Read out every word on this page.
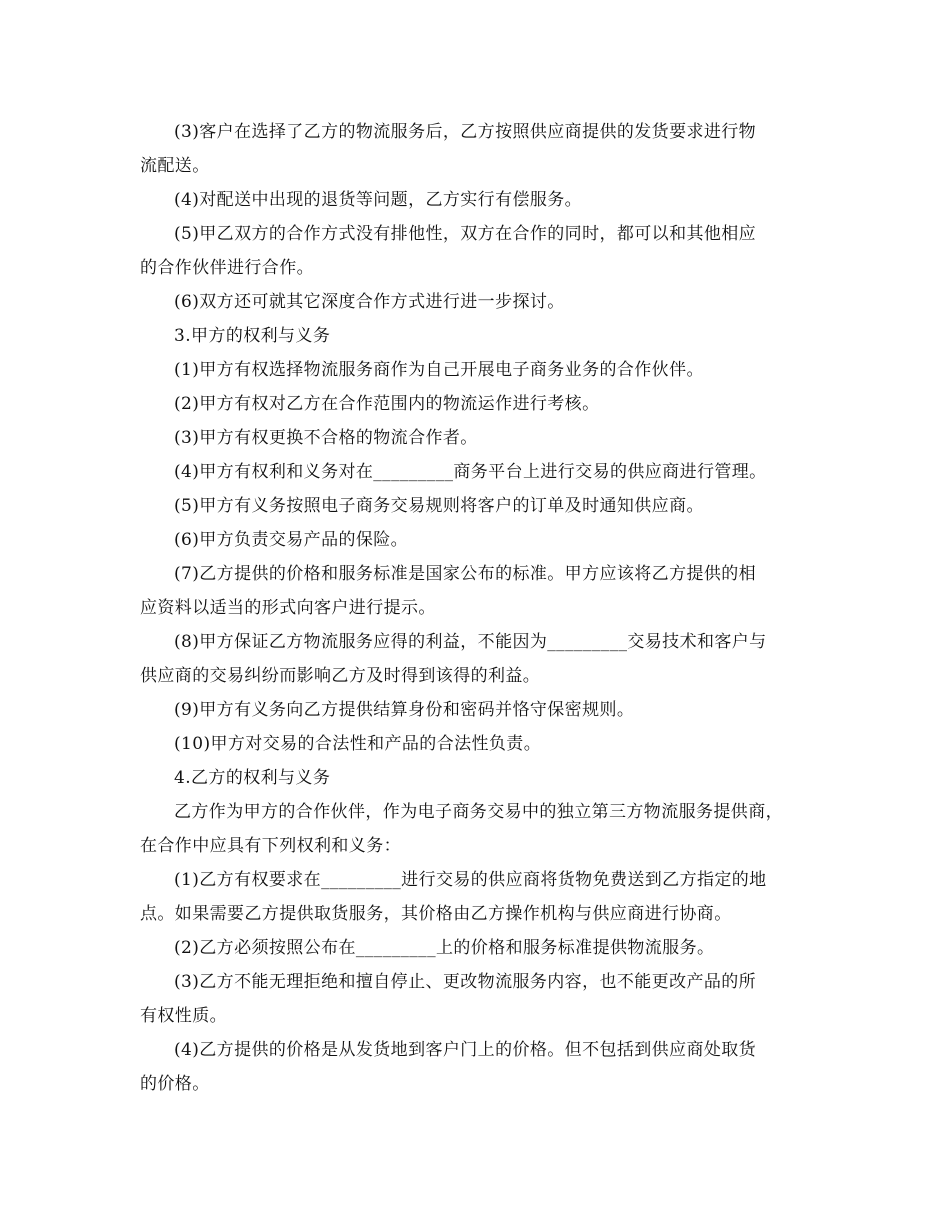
(3)客户在选择了乙方的物流服务后，乙方按照供应商提供的发货要求进行物
流配送。
(4)对配送中出现的退货等问题，乙方实行有偿服务。
(5)甲乙双方的合作方式没有排他性，双方在合作的同时，都可以和其他相应
的合作伙伴进行合作。
(6)双方还可就其它深度合作方式进行进一步探讨。
3.甲方的权利与义务
(1)甲方有权选择物流服务商作为自己开展电子商务业务的合作伙伴。
(2)甲方有权对乙方在合作范围内的物流运作进行考核。
(3)甲方有权更换不合格的物流合作者。
(4)甲方有权利和义务对在_________商务平台上进行交易的供应商进行管理。
(5)甲方有义务按照电子商务交易规则将客户的订单及时通知供应商。
(6)甲方负责交易产品的保险。
(7)乙方提供的价格和服务标准是国家公布的标准。甲方应该将乙方提供的相
应资料以适当的形式向客户进行提示。
(8)甲方保证乙方物流服务应得的利益，不能因为_________交易技术和客户与
供应商的交易纠纷而影响乙方及时得到该得的利益。
(9)甲方有义务向乙方提供结算身份和密码并恪守保密规则。
(10)甲方对交易的合法性和产品的合法性负责。
4.乙方的权利与义务
乙方作为甲方的合作伙伴，作为电子商务交易中的独立第三方物流服务提供商，
在合作中应具有下列权利和义务：
(1)乙方有权要求在_________进行交易的供应商将货物免费送到乙方指定的地
点。如果需要乙方提供取货服务，其价格由乙方操作机构与供应商进行协商。
(2)乙方必须按照公布在_________上的价格和服务标准提供物流服务。
(3)乙方不能无理拒绝和擅自停止、更改物流服务内容，也不能更改产品的所
有权性质。
(4)乙方提供的价格是从发货地到客户门上的价格。但不包括到供应商处取货
的价格。
